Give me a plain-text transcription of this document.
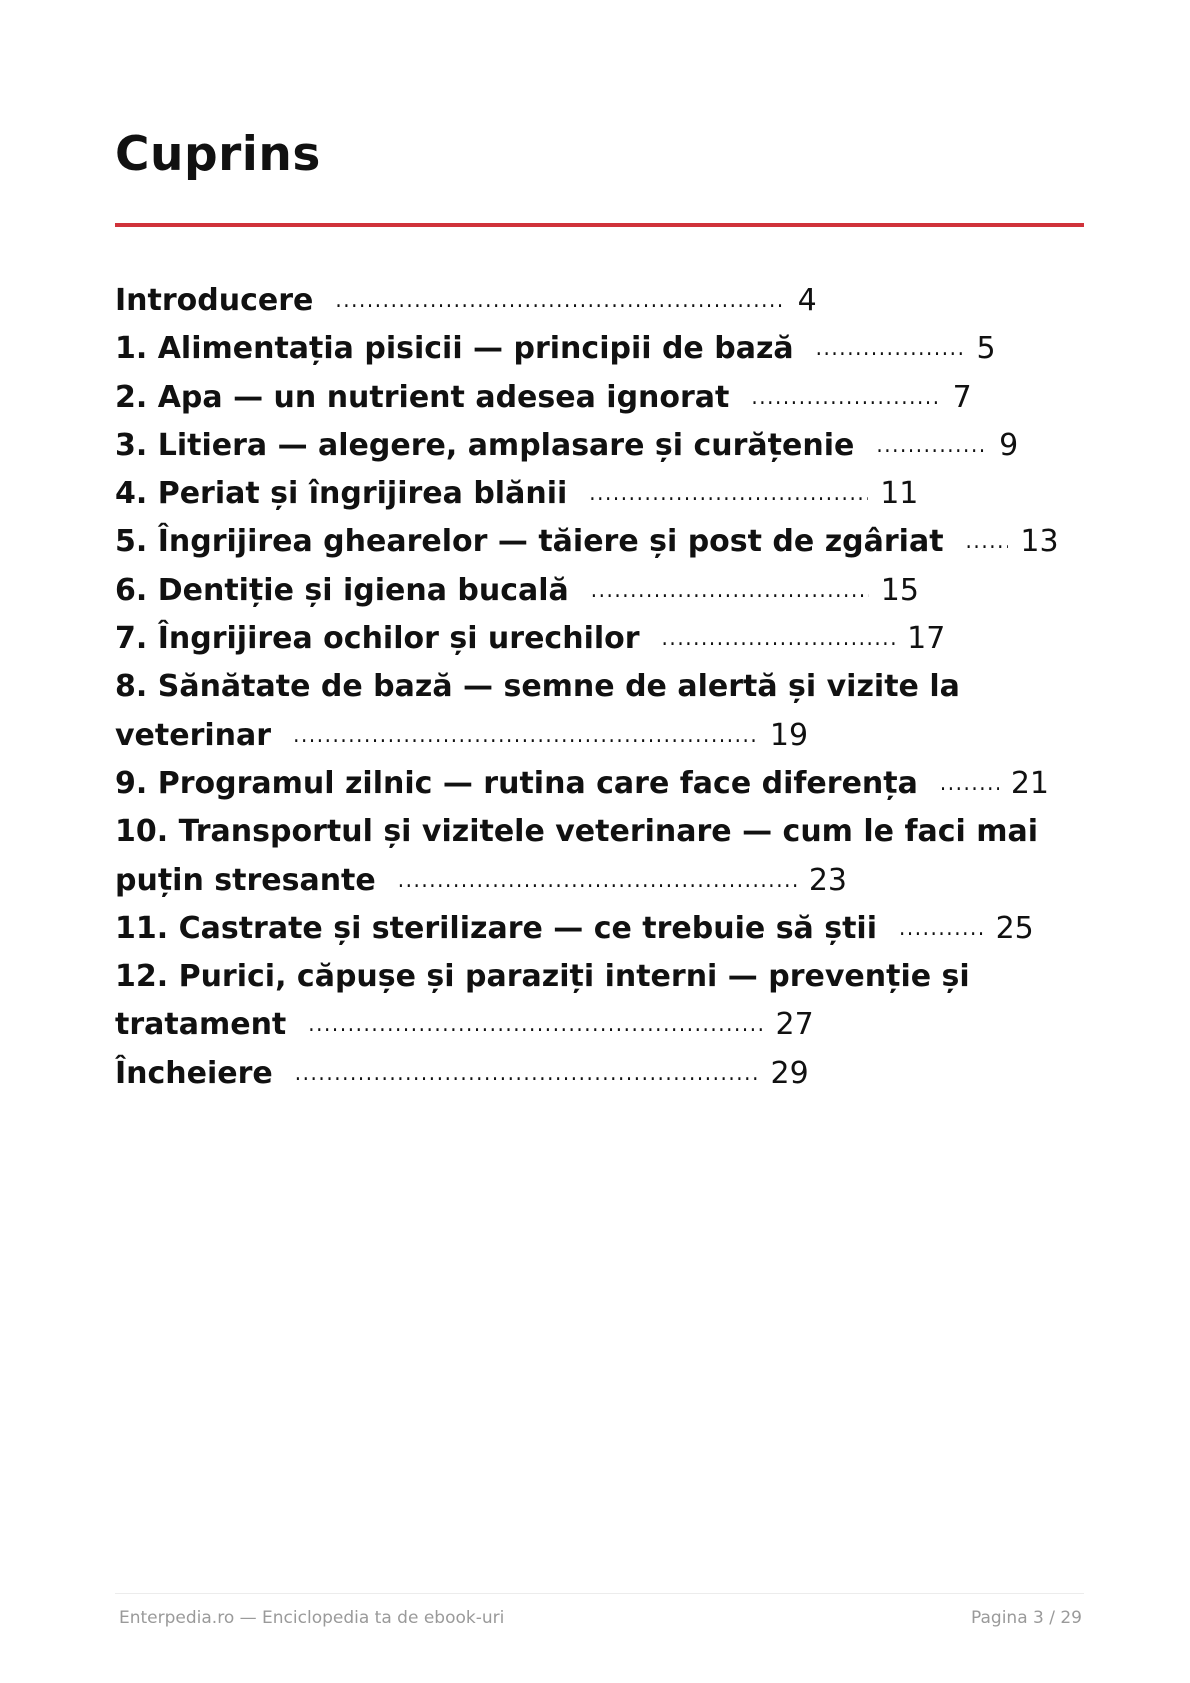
Cuprins
Introducere .....	4
1. Alimentația pisicii — principii de bază .....	5
2. Apa — un nutrient adesea ignorat .....	7
3. Litiera — alegere, amplasare și curățenie .....	9
4. Periat și îngrijirea blănii .....	11
5. Îngrijirea ghearelor — tăiere și post de zgâriat .....	13
6. Dentiție și igiena bucală .....	15
7. Îngrijirea ochilor și urechilor .....	17
8. Sănătate de bază — semne de alertă și vizite la
veterinar .....	19
9. Programul zilnic — rutina care face diferența .....	21
10. Transportul și vizitele veterinare — cum le faci mai
puțin stresante .....	23
11. Castrate și sterilizare — ce trebuie să știi .....	25
12. Purici, căpușe și paraziți interni — prevenție și
tratament .....	27
Încheiere .....	29
Enterpedia.ro — Enciclopedia ta de ebook-uri	Pagina 3 / 29
